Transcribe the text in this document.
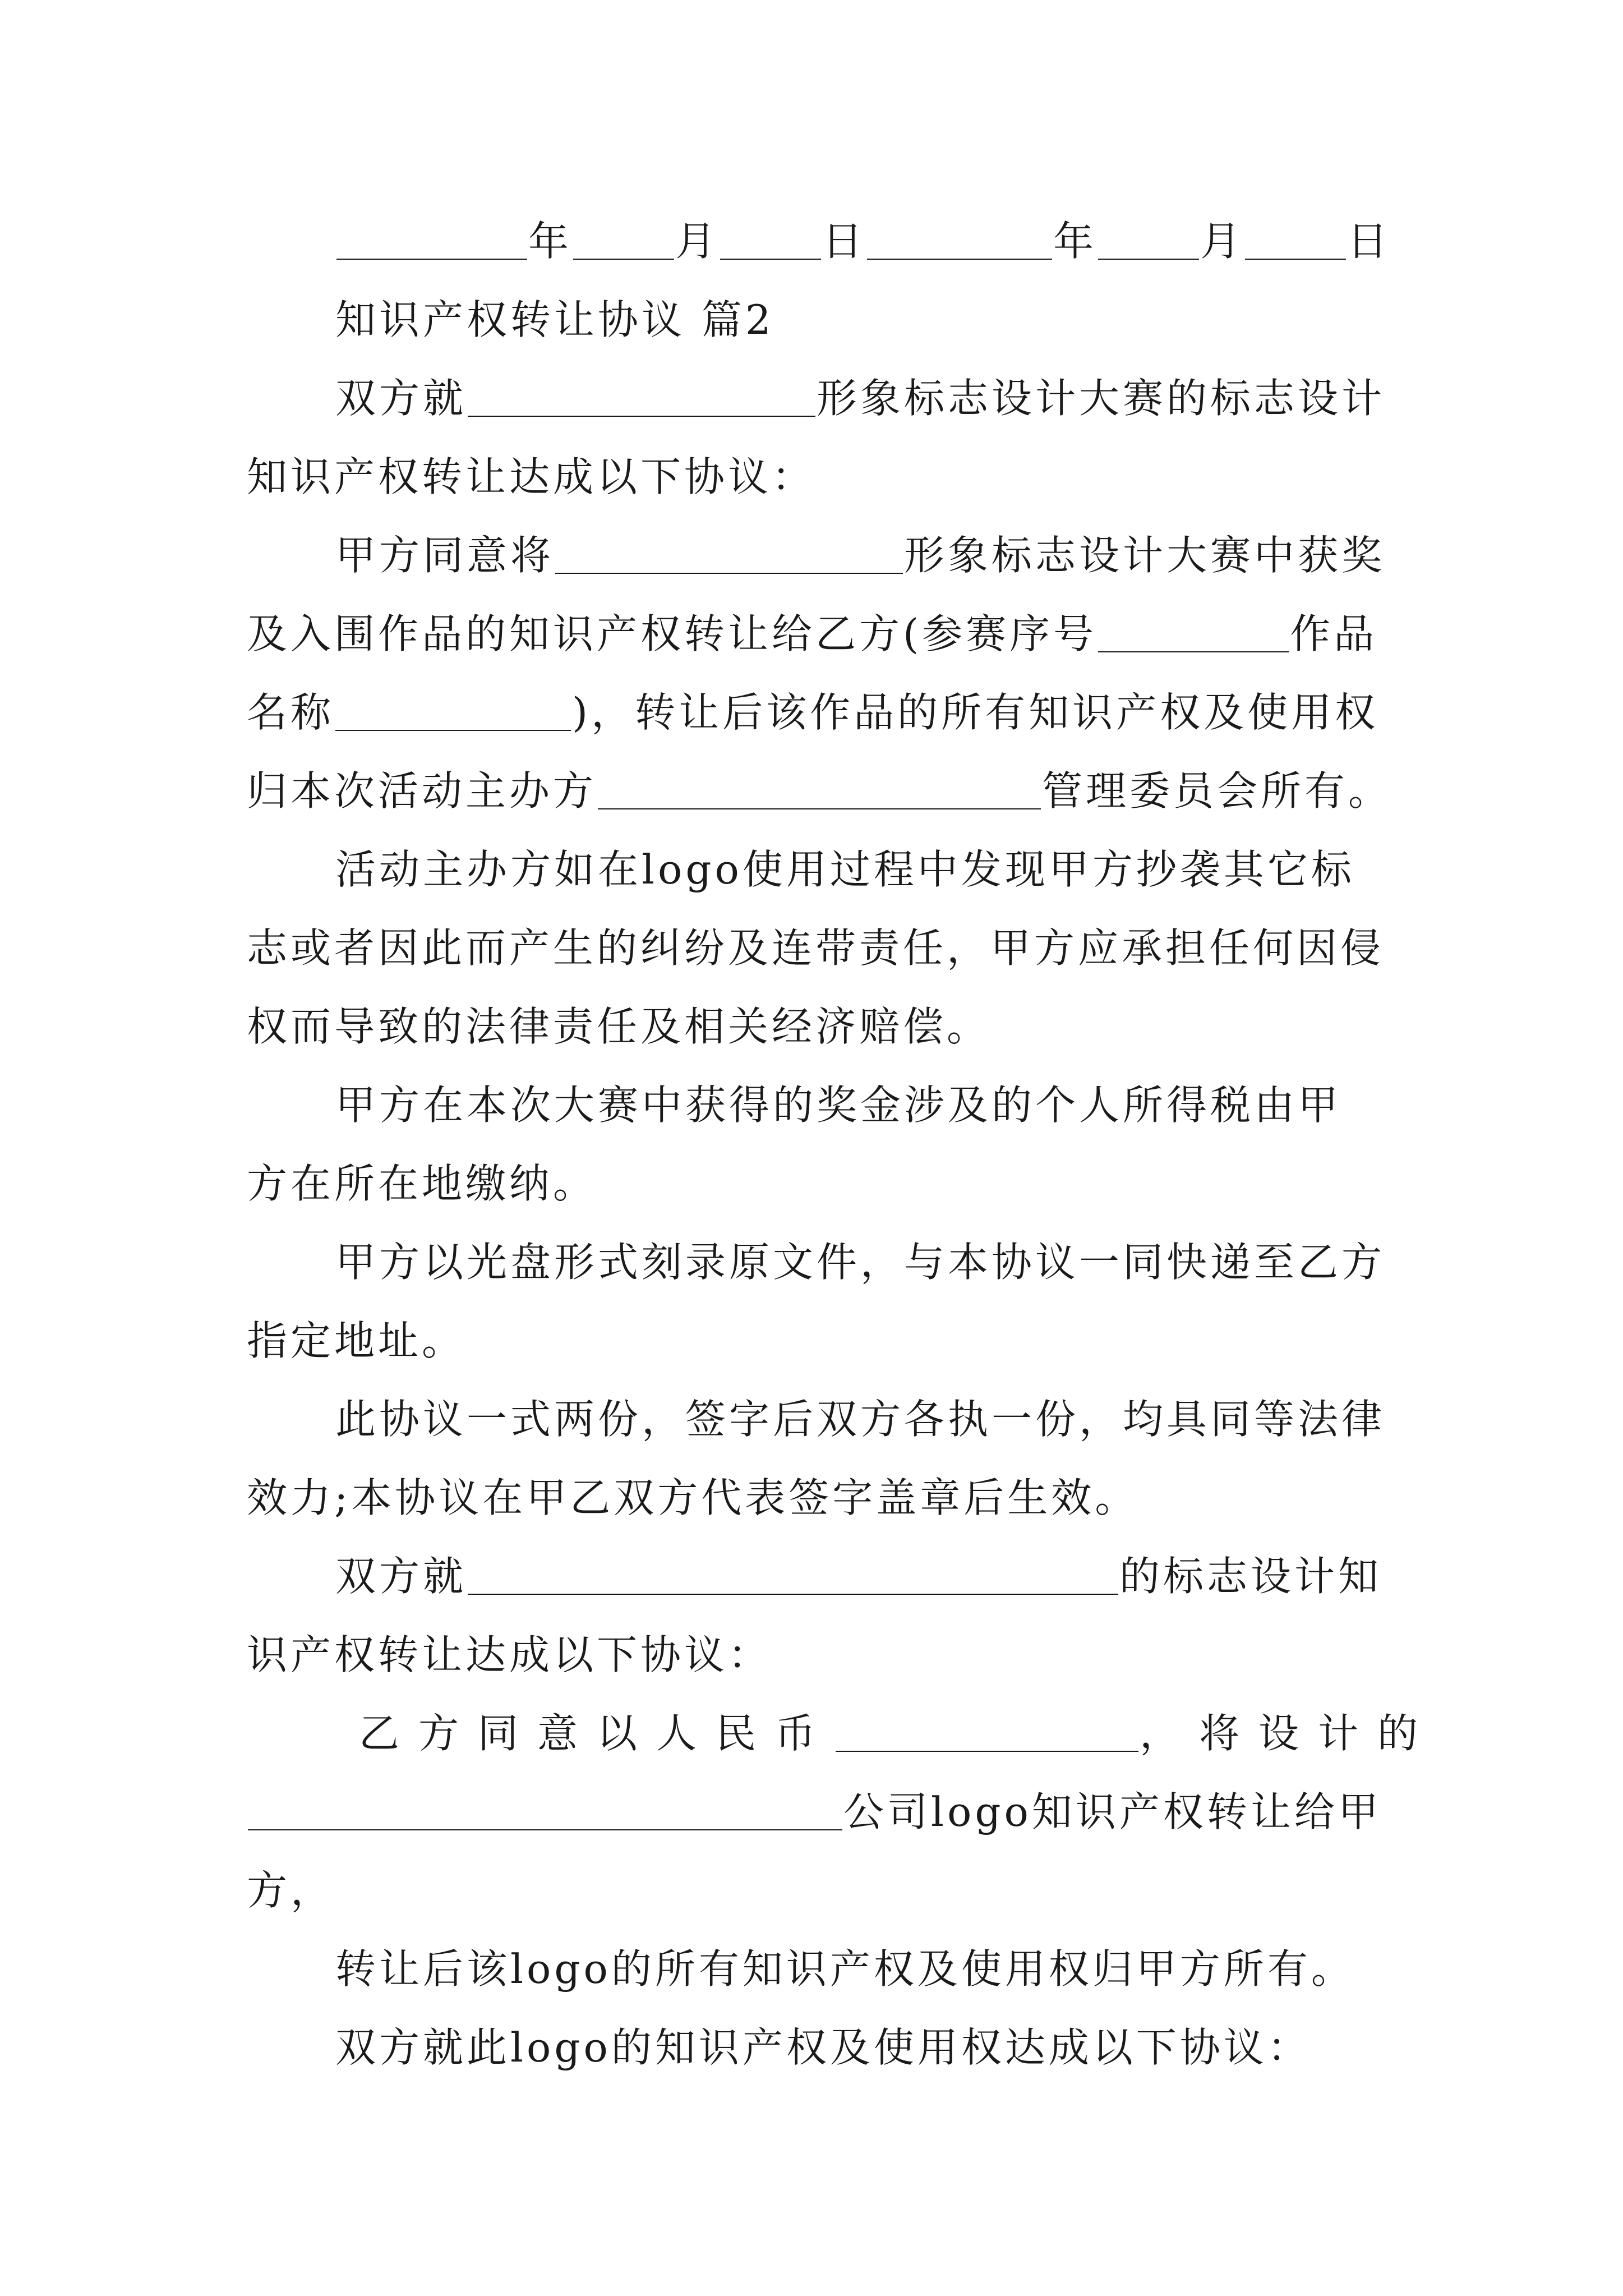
年	月	日	年	月	日
知识产权转让协议 篇2
双方就	形象标志设计大赛的标志设计
知识产权转让达成以下协议：
甲方同意将	形象标志设计大赛中获奖
及入围作品的知识产权转让给乙方(参赛序号	作品
名称	)，转让后该作品的所有知识产权及使用权
归本次活动主办方	管理委员会所有。
活动主办方如在logo使用过程中发现甲方抄袭其它标
志或者因此而产生的纠纷及连带责任，甲方应承担任何因侵
权而导致的法律责任及相关经济赔偿。
甲方在本次大赛中获得的奖金涉及的个人所得税由甲
方在所在地缴纳。
甲方以光盘形式刻录原文件，与本协议一同快递至乙方
指定地址。
此协议一式两份，签字后双方各执一份，均具同等法律
效力;本协议在甲乙双方代表签字盖章后生效。
双方就	的标志设计知
识产权转让达成以下协议：
乙方同意以人民币	，将设计的
公司logo知识产权转让给甲
方，
转让后该logo的所有知识产权及使用权归甲方所有。
双方就此logo的知识产权及使用权达成以下协议：
